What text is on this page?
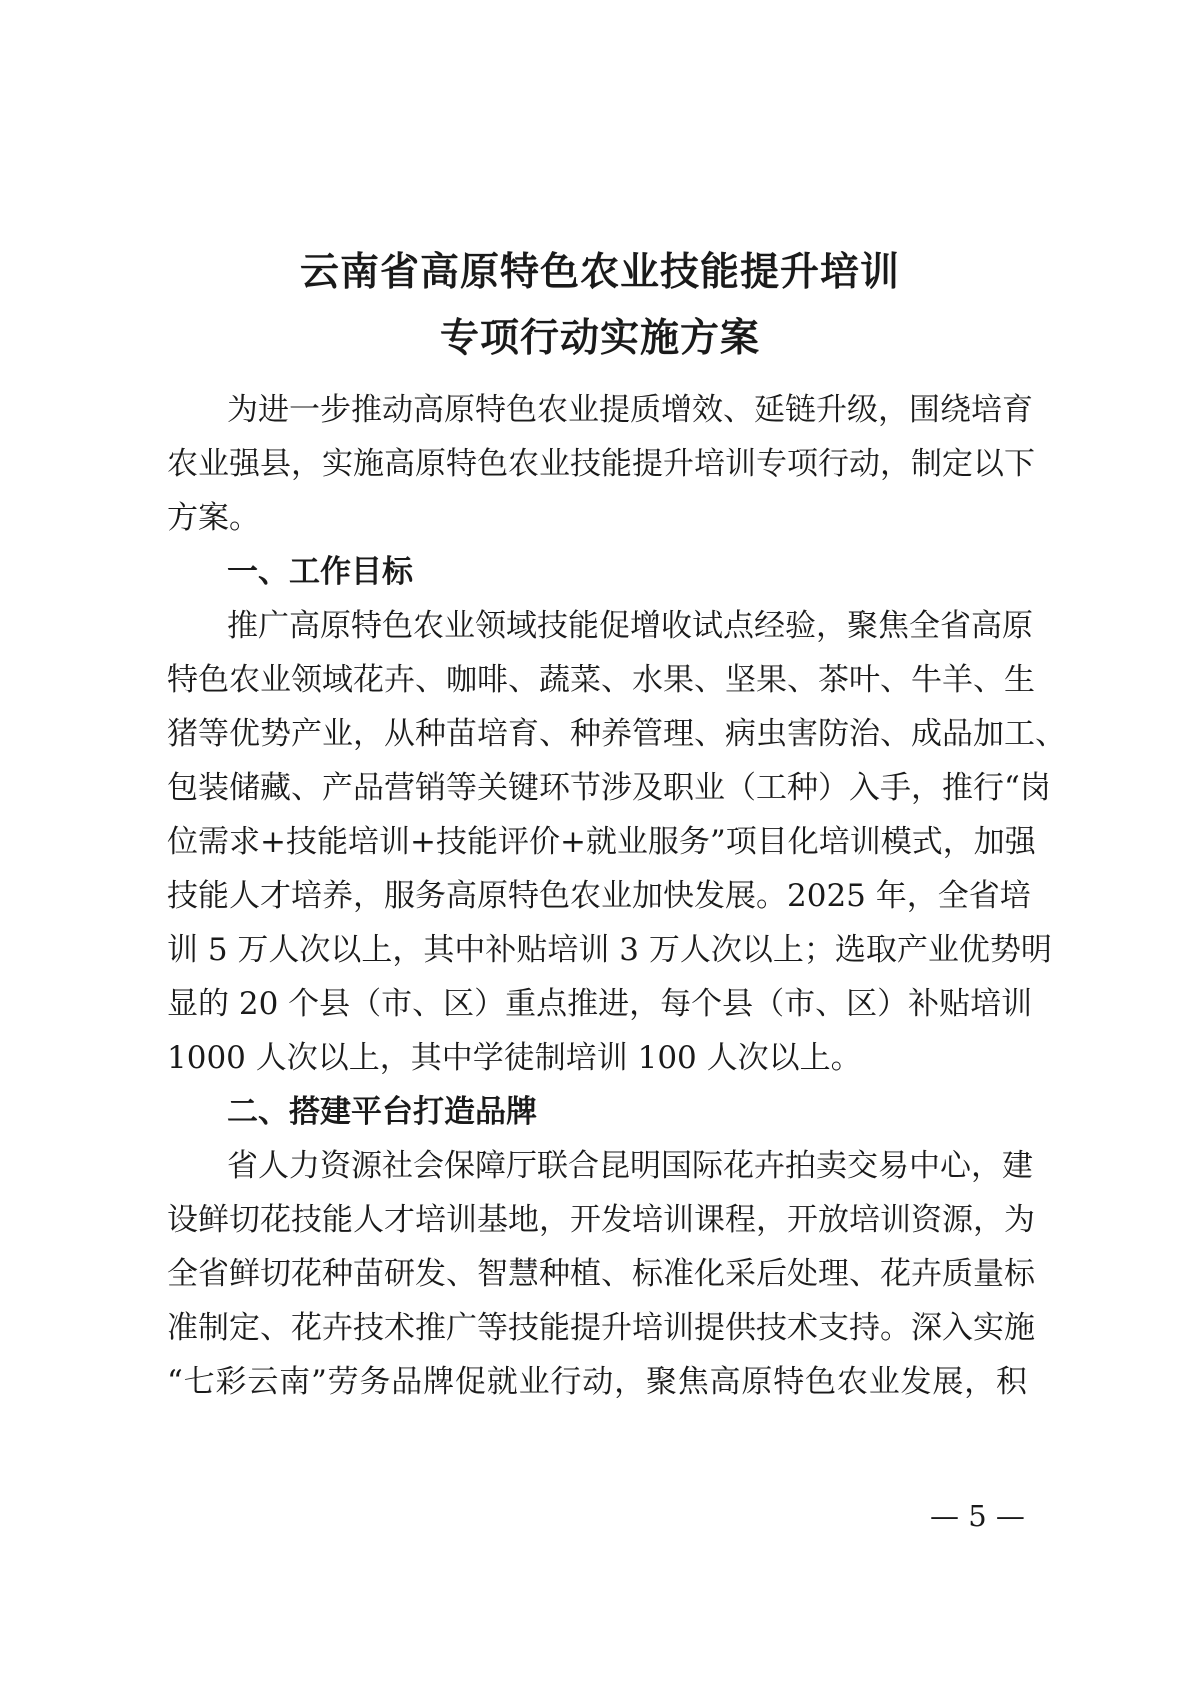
云南省高原特色农业技能提升培训
专项行动实施方案

为进一步推动高原特色农业提质增效、延链升级，围绕培育

农业强县，实施高原特色农业技能提升培训专项行动，制定以下

方案。

一、工作目标

推广高原特色农业领域技能促增收试点经验，聚焦全省高原

特色农业领域花卉、咖啡、蔬菜、水果、坚果、茶叶、牛羊、生

猪等优势产业，从种苗培育、种养管理、病虫害防治、成品加工、

包装储藏、产品营销等关键环节涉及职业（工种）入手，推行“岗

位需求+技能培训+技能评价+就业服务”项目化培训模式，加强

技能人才培养，服务高原特色农业加快发展。2025 年，全省培

训 5 万人次以上，其中补贴培训 3 万人次以上；选取产业优势明

显的 20 个县（市、区）重点推进，每个县（市、区）补贴培训

1000 人次以上，其中学徒制培训 100 人次以上。

二、搭建平台打造品牌

省人力资源社会保障厅联合昆明国际花卉拍卖交易中心，建

设鲜切花技能人才培训基地，开发培训课程，开放培训资源，为

全省鲜切花种苗研发、智慧种植、标准化采后处理、花卉质量标

准制定、花卉技术推广等技能提升培训提供技术支持。深入实施

“七彩云南”劳务品牌促就业行动，聚焦高原特色农业发展，积

— 5 —
